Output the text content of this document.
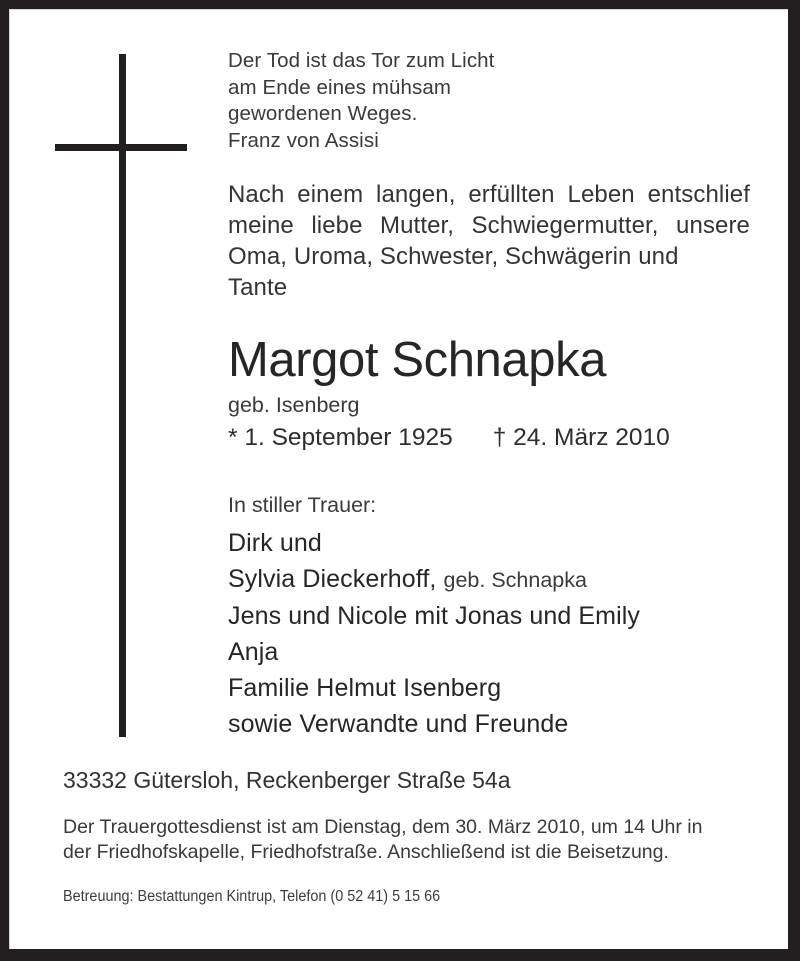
Der Tod ist das Tor zum Licht
am Ende eines mühsam
gewordenen Weges.
Franz von Assisi
Nach einem langen, erfüllten Leben entschlief meine liebe Mutter, Schwiegermutter, unsere Oma, Uroma, Schwester, Schwägerin und
Tante
Margot Schnapka
geb. Isenberg
* 1. September 1925 † 24. März 2010
In stiller Trauer:
Dirk und
Sylvia Dieckerhoff, geb. Schnapka
Jens und Nicole mit Jonas und Emily
Anja
Familie Helmut Isenberg
sowie Verwandte und Freunde
33332 Gütersloh, Reckenberger Straße 54a
Der Trauergottesdienst ist am Dienstag, dem 30. März 2010, um 14 Uhr in
der Friedhofskapelle, Friedhofstraße. Anschließend ist die Beisetzung.
Betreuung: Bestattungen Kintrup, Telefon (0 52 41) 5 15 66
